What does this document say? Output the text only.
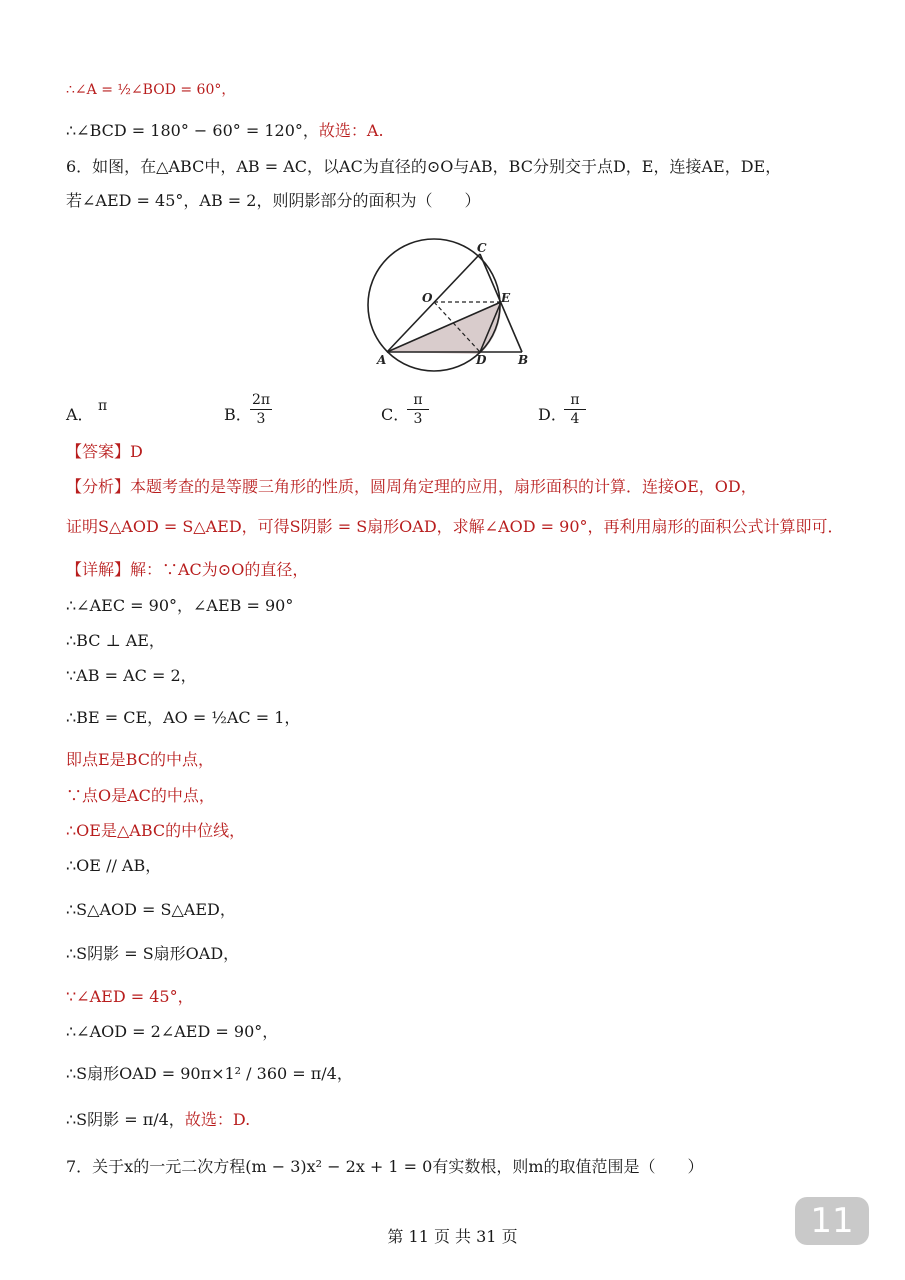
∴∠A = ½∠BOD = 60°，
∴∠BCD = 180° − 60° = 120°，故选：A.
6．如图，在△ABC中，AB = AC，以AC为直径的⊙O与AB，BC分别交于点D，E，连接AE，DE，
若∠AED = 45°，AB = 2，则阴影部分的面积为（　　）
C
O	E
A	D	B
A． π	B．
$\frac{2\pi}{3}$	C．
$\frac{\pi}{3}$	D．
$\frac{\pi}{4}$
【答案】D
【分析】本题考查的是等腰三角形的性质，圆周角定理的应用，扇形面积的计算．连接OE，OD，
证明S△AOD = S△AED，可得S阴影 = S扇形OAD，求解∠AOD = 90°，再利用扇形的面积公式计算即可．
【详解】解：∵AC为⊙O的直径，
∴∠AEC = 90°，∠AEB = 90°
∴BC ⊥ AE，
∵AB = AC = 2，
∴BE = CE，AO = ½AC = 1，
即点E是BC的中点，
∵点O是AC的中点，
∴OE是△ABC的中位线，
∴OE // AB，
∴S△AOD = S△AED，
∴S阴影 = S扇形OAD，
∵∠AED = 45°，
∴∠AOD = 2∠AED = 90°，
∴S扇形OAD = 90π×1² / 360 = π/4，
∴S阴影 = π/4，故选：D.
7．关于x的一元二次方程(m − 3)x² − 2x + 1 = 0有实数根，则m的取值范围是（　　）
第 11 页 共 31 页	11
